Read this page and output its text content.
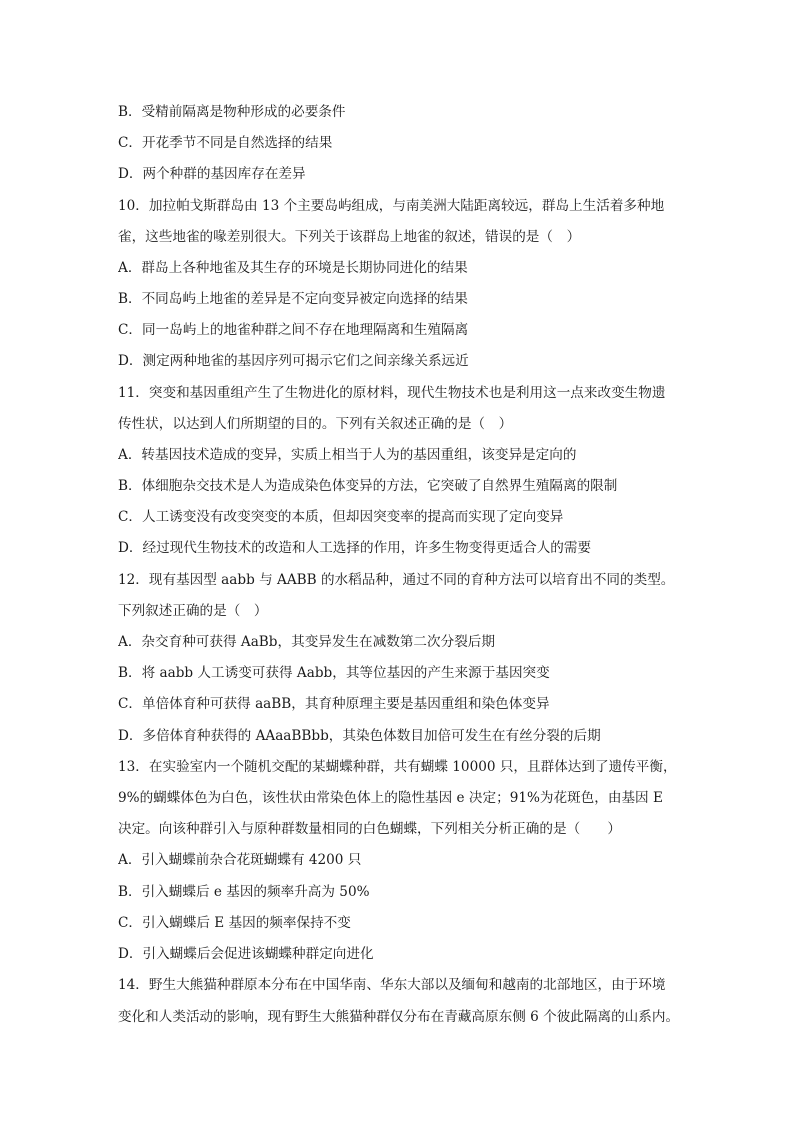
B．受精前隔离是物种形成的必要条件
C．开花季节不同是自然选择的结果
D．两个种群的基因库存在差异
10．加拉帕戈斯群岛由 13 个主要岛屿组成，与南美洲大陆距离较远，群岛上生活着多种地
雀，这些地雀的喙差别很大。下列关于该群岛上地雀的叙述，错误的是（　）
A．群岛上各种地雀及其生存的环境是长期协同进化的结果
B．不同岛屿上地雀的差异是不定向变异被定向选择的结果
C．同一岛屿上的地雀种群之间不存在地理隔离和生殖隔离
D．测定两种地雀的基因序列可揭示它们之间亲缘关系远近
11．突变和基因重组产生了生物进化的原材料，现代生物技术也是利用这一点来改变生物遗
传性状，以达到人们所期望的目的。下列有关叙述正确的是（　）
A．转基因技术造成的变异，实质上相当于人为的基因重组，该变异是定向的
B．体细胞杂交技术是人为造成染色体变异的方法，它突破了自然界生殖隔离的限制
C．人工诱变没有改变突变的本质，但却因突变率的提高而实现了定向变异
D．经过现代生物技术的改造和人工选择的作用，许多生物变得更适合人的需要
12．现有基因型 aabb 与 AABB 的水稻品种，通过不同的育种方法可以培育出不同的类型。
下列叙述正确的是（　）
A．杂交育种可获得 AaBb，其变异发生在减数第二次分裂后期
B．将 aabb 人工诱变可获得 Aabb，其等位基因的产生来源于基因突变
C．单倍体育种可获得 aaBB，其育种原理主要是基因重组和染色体变异
D．多倍体育种获得的 AAaaBBbb，其染色体数目加倍可发生在有丝分裂的后期
13．在实验室内一个随机交配的某蝴蝶种群，共有蝴蝶 10000 只，且群体达到了遗传平衡，
9%的蝴蝶体色为白色，该性状由常染色体上的隐性基因 e 决定；91%为花斑色，由基因 E
决定。向该种群引入与原种群数量相同的白色蝴蝶，下列相关分析正确的是（　　）
A．引入蝴蝶前杂合花斑蝴蝶有 4200 只
B．引入蝴蝶后 e 基因的频率升高为 50%
C．引入蝴蝶后 E 基因的频率保持不变
D．引入蝴蝶后会促进该蝴蝶种群定向进化
14．野生大熊猫种群原本分布在中国华南、华东大部以及缅甸和越南的北部地区，由于环境
变化和人类活动的影响，现有野生大熊猫种群仅分布在青藏高原东侧 6 个彼此隔离的山系内。
